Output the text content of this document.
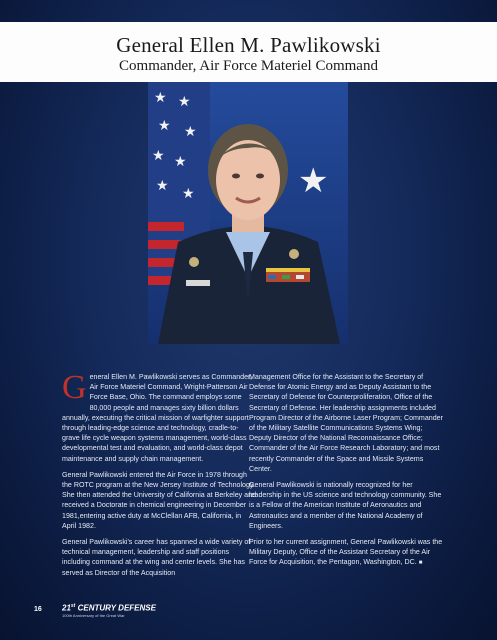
General Ellen M. Pawlikowski
Commander, Air Force Materiel Command
★ ★
★ ★
★ ★
★ ★	★

General Ellen M. Pawlikowski serves as Commander, Air Force Materiel Command, Wright-Patterson Air Force Base, Ohio. The command employs some 80,000 people and manages sixty billion dollars annually, executing the critical mission of warfighter support through leading-edge science and technology, cradle-to-grave life cycle weapon systems management, world-class developmental test and evaluation, and world-class depot maintenance and supply chain management.

General Pawlikowski entered the Air Force in 1978 through the ROTC program at the New Jersey Institute of Technology. She then attended the University of California at Berkeley and received a Doctorate in chemical engineering in December 1981,entering active duty at McClellan AFB, California, in April 1982.

General Pawlikowski's career has spanned a wide variety of technical management, leadership and staff positions including command at the wing and center levels. She has served as Director of the Acquisition

Management Office for the Assistant to the Secretary of Defense for Atomic Energy and as Deputy Assistant to the Secretary of Defense for Counterproliferation, Office of the Secretary of Defense. Her leadership assignments included Program Director of the Airborne Laser Program; Commander of the Military Satellite Communications Systems Wing; Deputy Director of the National Reconnaissance Office; Commander of the Air Force Research Laboratory; and most recently Commander of the Space and Missile Systems Center.

General Pawlikowski is nationally recognized for her leadership in the US science and technology community. She is a Fellow of the American Institute of Aeronautics and Astronautics and a member of the National Academy of Engineers.

Prior to her current assignment, General Pawlikowski was the Military Deputy, Office of the Assistant Secretary of the Air Force for Acquisition, the Pentagon, Washington, DC. ■

16	21st CENTURY DEFENSE
100th Anniversary of the Great War
